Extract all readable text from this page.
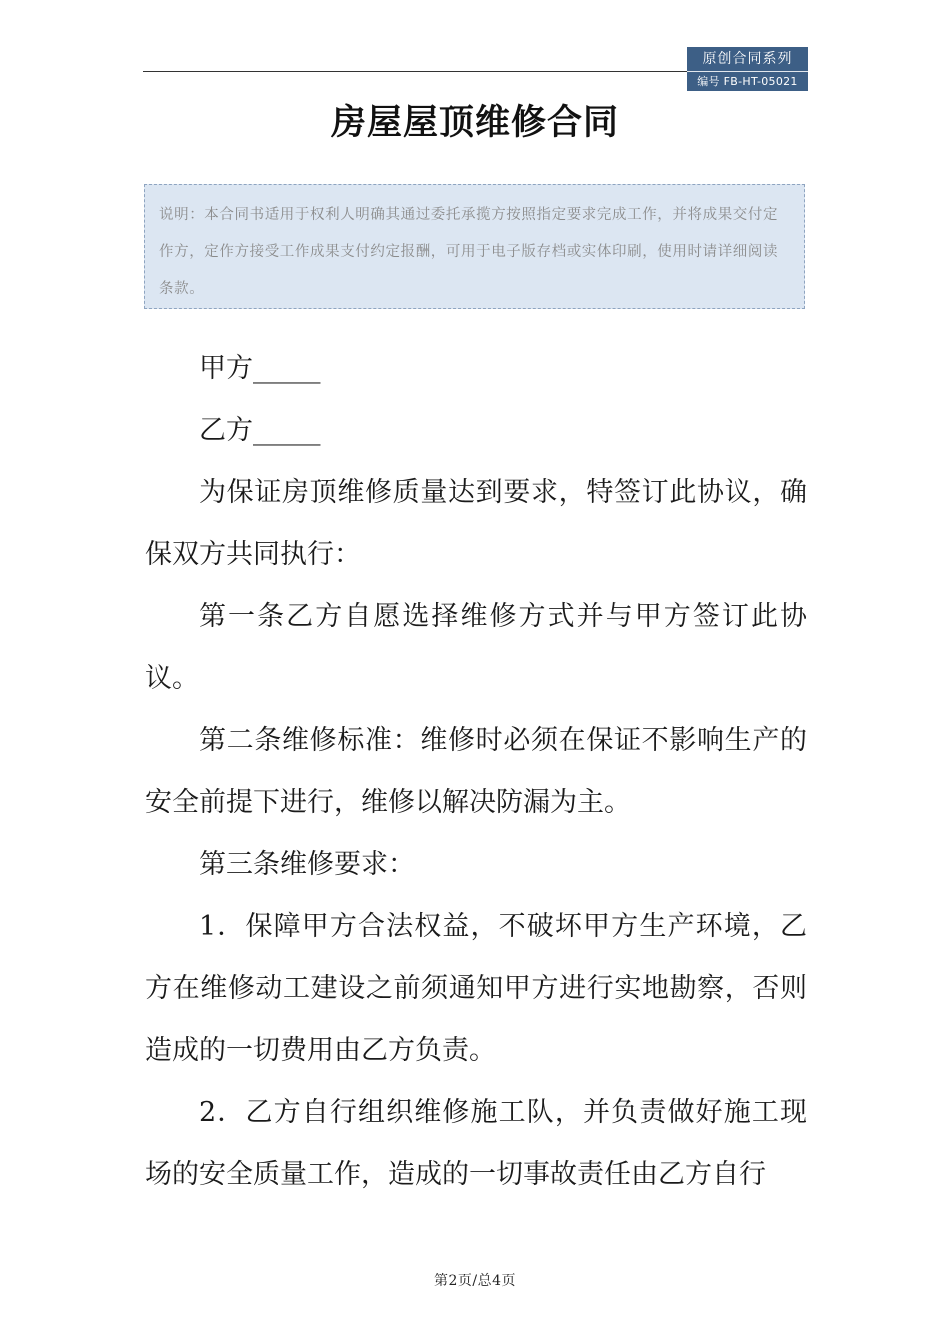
原创合同系列
编号 FB-HT-05021
房屋屋顶维修合同
说明：本合同书适用于权利人明确其通过委托承揽方按照指定要求完成工作，并将成果交付定作方，定作方接受工作成果支付约定报酬，可用于电子版存档或实体印刷，使用时请详细阅读条款。

甲方_____

乙方_____

为保证房顶维修质量达到要求，特签订此协议，确保双方共同执行：

第一条乙方自愿选择维修方式并与甲方签订此协议。

第二条维修标准：维修时必须在保证不影响生产的安全前提下进行，维修以解决防漏为主。

第三条维修要求：

1．保障甲方合法权益，不破坏甲方生产环境，乙方在维修动工建设之前须通知甲方进行实地勘察，否则造成的一切费用由乙方负责。

2．乙方自行组织维修施工队，并负责做好施工现场的安全质量工作，造成的一切事故责任由乙方自行

第2页/总4页
